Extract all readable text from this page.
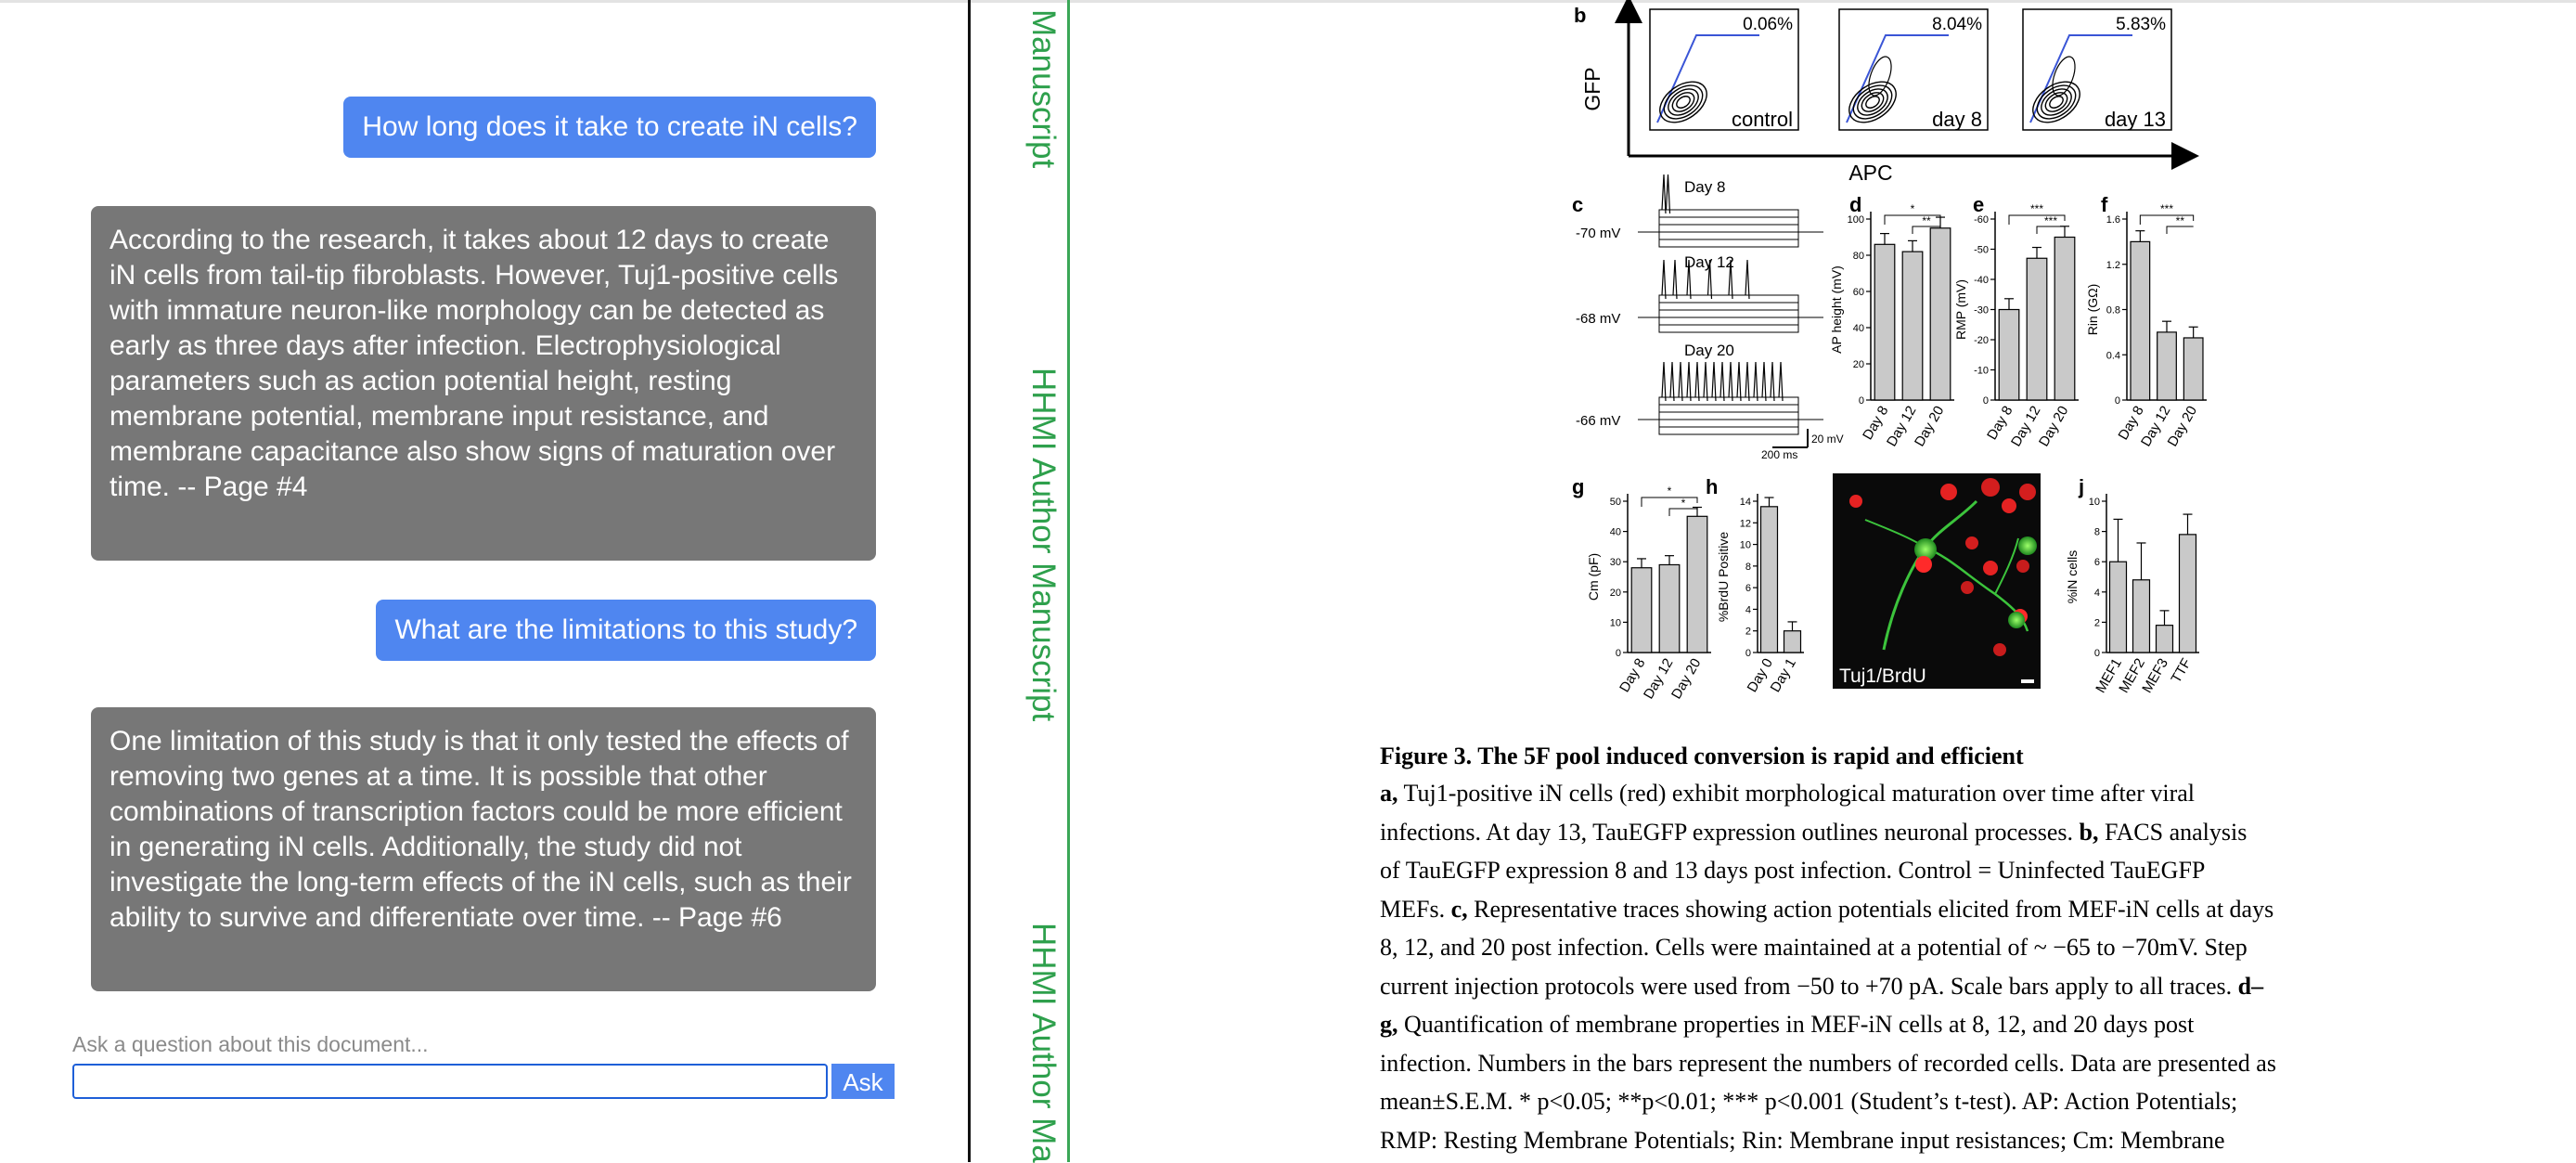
How long does it take to create iN cells?
According to the research, it takes about 12 days to create iN cells from tail-tip fibroblasts. However, Tuj1-positive cells with immature neuron-like morphology can be detected as early as three days after infection. Electrophysiological parameters such as action potential height, resting membrane potential, membrane input resistance, and membrane capacitance also show signs of maturation over time. -- Page #4
What are the limitations to this study?
One limitation of this study is that it only tested the effects of removing two genes at a time. It is possible that other combinations of transcription factors could be more efficient in generating iN cells. Additionally, the study did not investigate the long-term effects of the iN cells, such as their ability to survive and differentiate over time. -- Page #6
Ask a question about this document...
Ask
Manuscript
HHMI Author Manuscript
HHMI Author Ma
b
c	d	e	f
g	h	j
GFP
APC
0.06%
control
8.04%
day 8
5.83%
day 13
Day 8
Day 12
Day 20
-70 mV
-68 mV
-66 mV
20 mV
200 ms
0
20
40
60
80
100
AP height (mV)
Day 8
Day 12
Day 20
*
**
0
-10
-20
-30
-40
-50
-60
RMP (mV)
Day 8
Day 12
Day 20
***
***
0
0.4
0.8
1.2
1.6
Rin (GΩ)
Day 8
Day 12
Day 20
***
**
0
10
20
30
40
50
Cm (pF)
Day 8
Day 12
Day 20
*
*
0
2
4
6
8
10
12
14
%BrdU Positive
Day 0
Day 1
0
2
4
6
8
10
%iN cells
MEF1
MEF2
MEF3
TTF
Tuj1/BrdU
Figure 3. The 5F pool induced conversion is rapid and efficient
a, Tuj1-positive iN cells (red) exhibit morphological maturation over time after viral
infections. At day 13, TauEGFP expression outlines neuronal processes. b, FACS analysis
of TauEGFP expression 8 and 13 days post infection. Control = Uninfected TauEGFP
MEFs. c, Representative traces showing action potentials elicited from MEF-iN cells at days
8, 12, and 20 post infection. Cells were maintained at a potential of ~ −65 to −70mV. Step
current injection protocols were used from −50 to +70 pA. Scale bars apply to all traces. d–
g, Quantification of membrane properties in MEF-iN cells at 8, 12, and 20 days post
infection. Numbers in the bars represent the numbers of recorded cells. Data are presented as
mean±S.E.M. * p<0.05; **p<0.01; *** p<0.001 (Student’s t-test). AP: Action Potentials;
RMP: Resting Membrane Potentials; Rin: Membrane input resistances; Cm: Membrane
